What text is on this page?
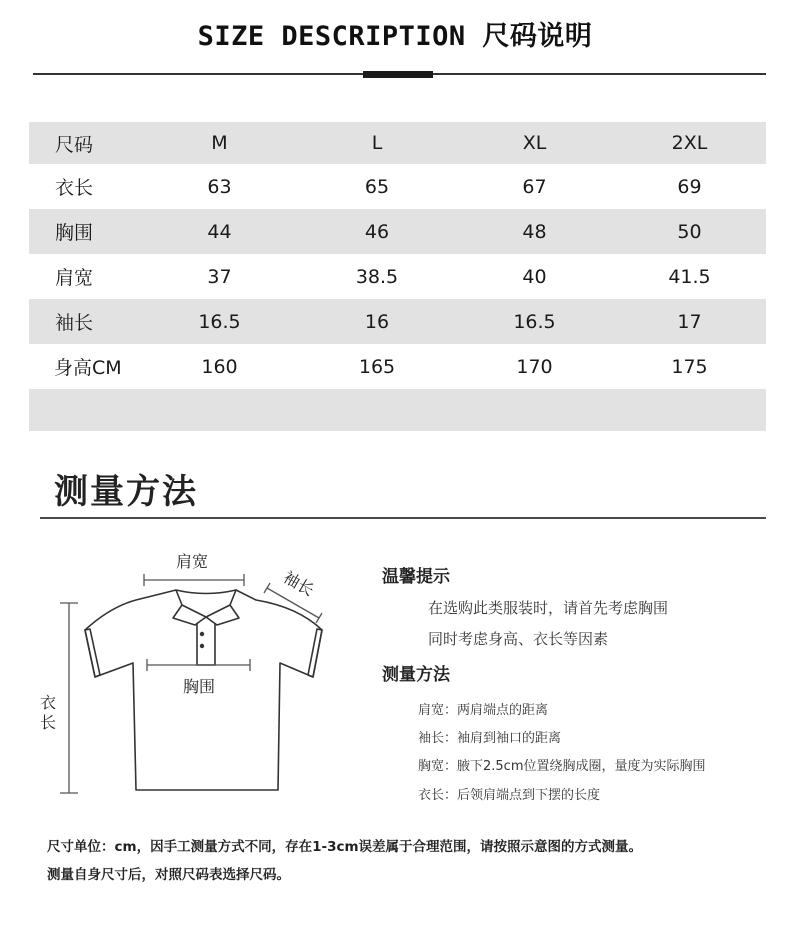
SIZE DESCRIPTION 尺码说明
尺码	M	L	XL	2XL
衣长	63	65	67	69
胸围	44	46	48	50
肩宽	37	38.5	40	41.5
袖长	16.5	16	16.5	17
身高CM	160	165	170	175

测量方法
肩宽
胸围
袖长
衣
长
温馨提示
在选购此类服装时，请首先考虑胸围
同时考虑身高、衣长等因素
测量方法
肩宽：两肩端点的距离
袖长：袖肩到袖口的距离
胸宽：腋下2.5cm位置绕胸成圈，量度为实际胸围
衣长：后领肩端点到下摆的长度
尺寸单位：cm，因手工测量方式不同，存在1-3cm误差属于合理范围，请按照示意图的方式测量。
测量自身尺寸后，对照尺码表选择尺码。
